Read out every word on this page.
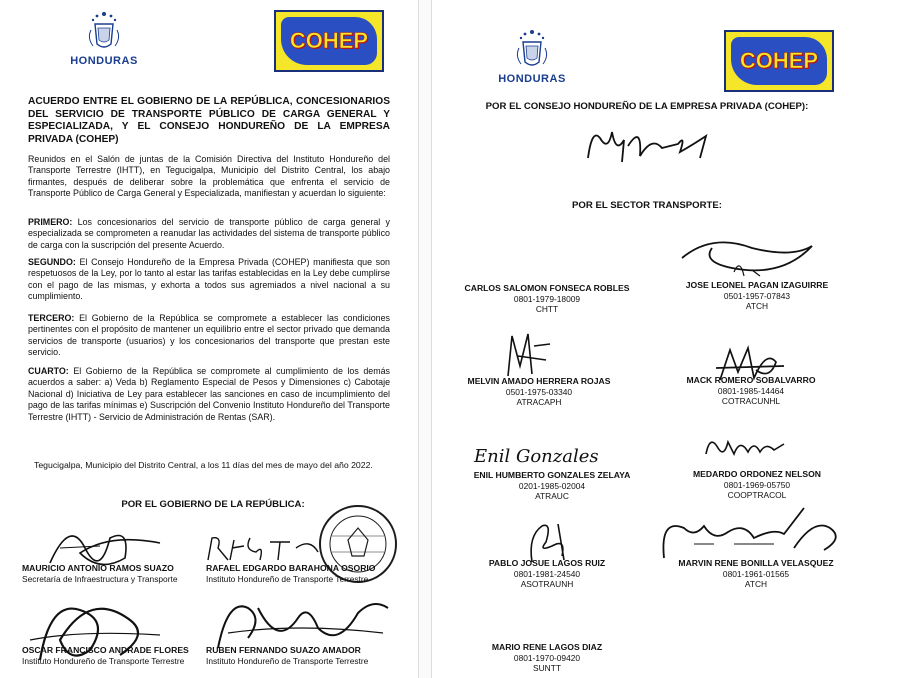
HONDURAS

COHEP
ACUERDO ENTRE EL GOBIERNO DE LA REPÚBLICA, CONCESIONARIOS DEL SERVICIO DE TRANSPORTE PÚBLICO DE CARGA GENERAL Y ESPECIALIZADA, Y EL CONSEJO HONDUREÑO DE LA EMPRESA PRIVADA (COHEP)
Reunidos en el Salón de juntas de la Comisión Directiva del Instituto Hondureño del Transporte Terrestre (IHTT), en Tegucigalpa, Municipio del Distrito Central, los abajo firmantes, después de deliberar sobre la problemática que enfrenta el servicio de Transporte Público de Carga General y Especializada, manifiestan y acuerdan lo siguiente:
PRIMERO: Los concesionarios del servicio de transporte público de carga general y especializada se comprometen a reanudar las actividades del sistema de transporte público de carga con la suscripción del presente Acuerdo.
SEGUNDO: El Consejo Hondureño de la Empresa Privada (COHEP) manifiesta que son respetuosos de la Ley, por lo tanto al estar las tarifas establecidas en la Ley debe cumplirse con el pago de las mismas, y exhorta a todos sus agremiados a nivel nacional a su cumplimiento.
TERCERO: El Gobierno de la República se compromete a establecer las condiciones pertinentes con el propósito de mantener un equilibrio entre el sector privado que demanda servicios de transporte (usuarios) y los concesionarios del transporte que prestan este servicio.
CUARTO: El Gobierno de la República se compromete al cumplimiento de los demás acuerdos a saber: a) Veda b) Reglamento Especial de Pesos y Dimensiones c) Cabotaje Nacional d) Iniciativa de Ley para establecer las sanciones en caso de incumplimiento del pago de las tarifas mínimas e) Suscripción del Convenio Instituto Hondureño del Transporte Terrestre (IHTT) - Servicio de Administración de Rentas (SAR).
Tegucigalpa, Municipio del Distrito Central, a los 11 días del mes de mayo del año 2022.
POR EL GOBIERNO DE LA REPÚBLICA:
MAURICIO ANTONIO RAMOS SUAZO
Secretaría de Infraestructura y Transporte
RAFAEL EDGARDO BARAHONA OSORIO
Instituto Hondureño de Transporte Terrestre
OSCAR FRANCISCO ANDRADE FLORES
Instituto Hondureño de Transporte Terrestre
RUBEN FERNANDO SUAZO AMADOR
Instituto Hondureño de Transporte Terrestre
HONDURAS

COHEP
POR EL CONSEJO HONDUREÑO DE LA EMPRESA PRIVADA (COHEP):
POR EL SECTOR TRANSPORTE:
Enil Gonzales
CARLOS SALOMON FONSECA ROBLES
0801-1979-18009
CHTT
JOSE LEONEL PAGAN IZAGUIRRE
0501-1957-07843
ATCH
MELVIN AMADO HERRERA ROJAS
0501-1975-03340
ATRACAPH
MACK ROMERO SOBALVARRO
0801-1985-14464
COTRACUNHL
ENIL HUMBERTO GONZALES ZELAYA
0201-1985-02004
ATRAUC
MEDARDO ORDONEZ NELSON
0801-1969-05750
COOPTRACOL
PABLO JOSUE LAGOS RUIZ
0801-1981-24540
ASOTRAUNH
MARVIN RENE BONILLA VELASQUEZ
0801-1961-01565
ATCH
MARIO RENE LAGOS DIAZ
0801-1970-09420
SUNTT
